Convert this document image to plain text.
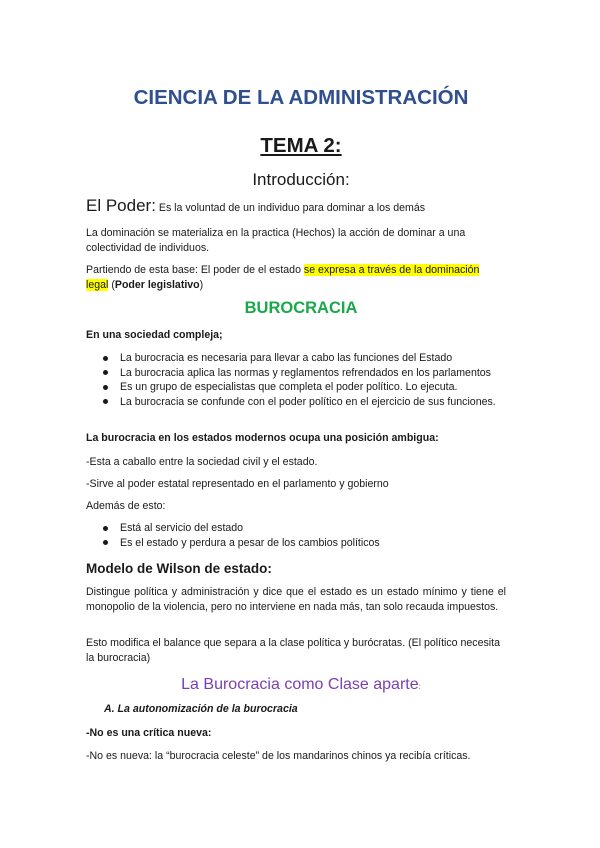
CIENCIA DE LA ADMINISTRACIÓN
TEMA 2:
Introducción:
El Poder: Es la voluntad de un individuo para dominar a los demás
La dominación se materializa en la practica (Hechos) la acción de dominar a una colectividad de individuos.
Partiendo de esta base: El poder de el estado se expresa a través de la dominación
legal (Poder legislativo)
BUROCRACIA
En una sociedad compleja;
La burocracia es necesaria para llevar a cabo las funciones del Estado
La burocracia aplica las normas y reglamentos refrendados en los parlamentos
Es un grupo de especialistas que completa el poder político. Lo ejecuta.
La burocracia se confunde con el poder político en el ejercicio de sus funciones.
La burocracia en los estados modernos ocupa una posición ambigua:
-Esta a caballo entre la sociedad civil y el estado.
-Sirve al poder estatal representado en el parlamento y gobierno
Además de esto:
Está al servicio del estado
Es el estado y perdura a pesar de los cambios políticos
Modelo de Wilson de estado:
Distingue política y administración y dice que el estado es un estado mínimo y tiene el monopolio de la violencia, pero no interviene en nada más, tan solo recauda impuestos.
Esto modifica el balance que separa a la clase política y burócratas. (El político necesita la burocracia)
La Burocracia como Clase aparte:
A. La autonomización de la burocracia
-No es una crítica nueva:
-No es nueva: la “burocracia celeste” de los mandarinos chinos ya recibía críticas.
